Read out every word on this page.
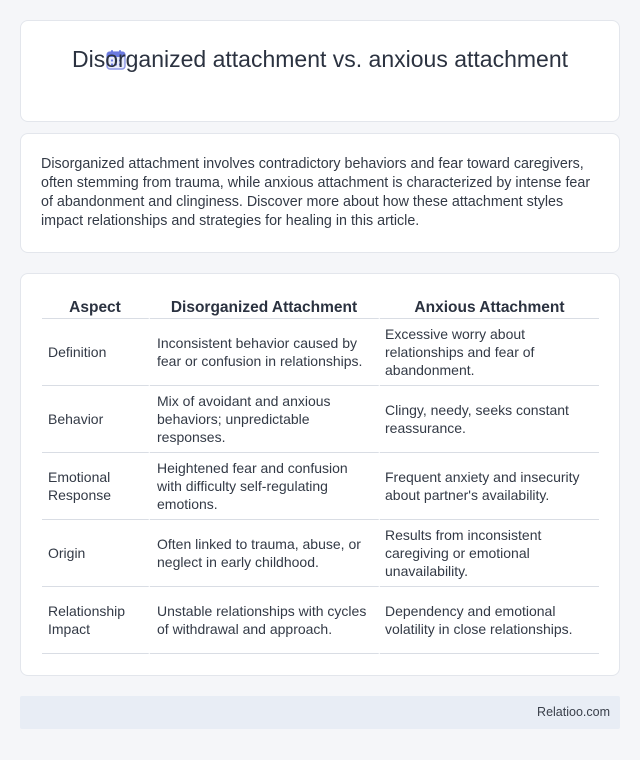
Disorganized attachment vs. anxious attachment

Disorganized attachment involves contradictory behaviors and fear toward caregivers, often stemming from trauma, while anxious attachment is characterized by intense fear of abandonment and clinginess. Discover more about how these attachment styles impact relationships and strategies for healing in this article.

Aspect	Disorganized Attachment	Anxious Attachment
Definition	Inconsistent behavior caused by fear or confusion in relationships.	Excessive worry about relationships and fear of abandonment.
Behavior	Mix of avoidant and anxious behaviors; unpredictable responses.	Clingy, needy, seeks constant reassurance.
Emotional Response	Heightened fear and confusion with difficulty self-regulating emotions.	Frequent anxiety and insecurity about partner's availability.
Origin	Often linked to trauma, abuse, or neglect in early childhood.	Results from inconsistent caregiving or emotional unavailability.
Relationship Impact	Unstable relationships with cycles of withdrawal and approach.	Dependency and emotional volatility in close relationships.
Relatioo.com
